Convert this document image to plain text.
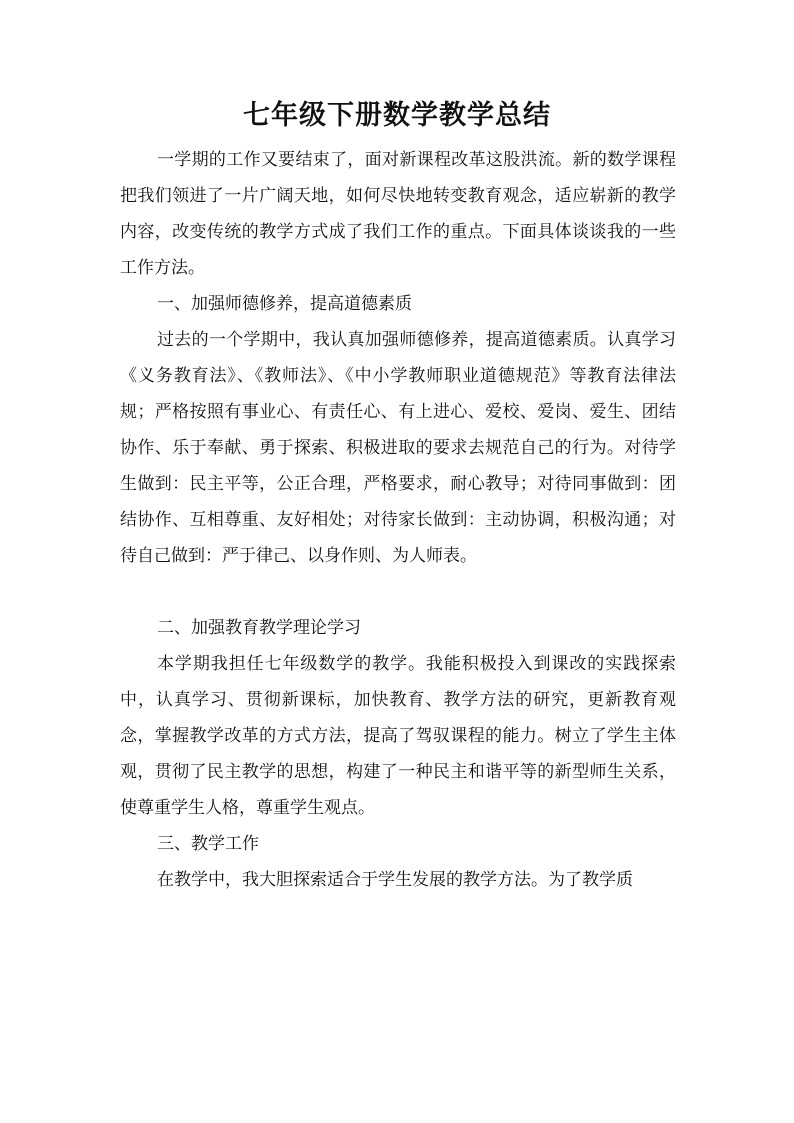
七年级下册数学教学总结

一学期的工作又要结束了，面对新课程改革这股洪流。新的数学课程把我们领进了一片广阔天地，如何尽快地转变教育观念，适应崭新的教学内容，改变传统的教学方式成了我们工作的重点。下面具体谈谈我的一些工作方法。

一、加强师德修养，提高道德素质

过去的一个学期中，我认真加强师德修养，提高道德素质。认真学习《义务教育法》、《教师法》、《中小学教师职业道德规范》等教育法律法规；严格按照有事业心、有责任心、有上进心、爱校、爱岗、爱生、团结协作、乐于奉献、勇于探索、积极进取的要求去规范自己的行为。对待学生做到：民主平等，公正合理，严格要求，耐心教导；对待同事做到：团结协作、互相尊重、友好相处；对待家长做到：主动协调，积极沟通；对待自己做到：严于律己、以身作则、为人师表。

二、加强教育教学理论学习

本学期我担任七年级数学的教学。我能积极投入到课改的实践探索中，认真学习、贯彻新课标，加快教育、教学方法的研究，更新教育观念，掌握教学改革的方式方法，提高了驾驭课程的能力。树立了学生主体观，贯彻了民主教学的思想，构建了一种民主和谐平等的新型师生关系，使尊重学生人格，尊重学生观点。

三、教学工作

在教学中，我大胆探索适合于学生发展的教学方法。为了教学质
